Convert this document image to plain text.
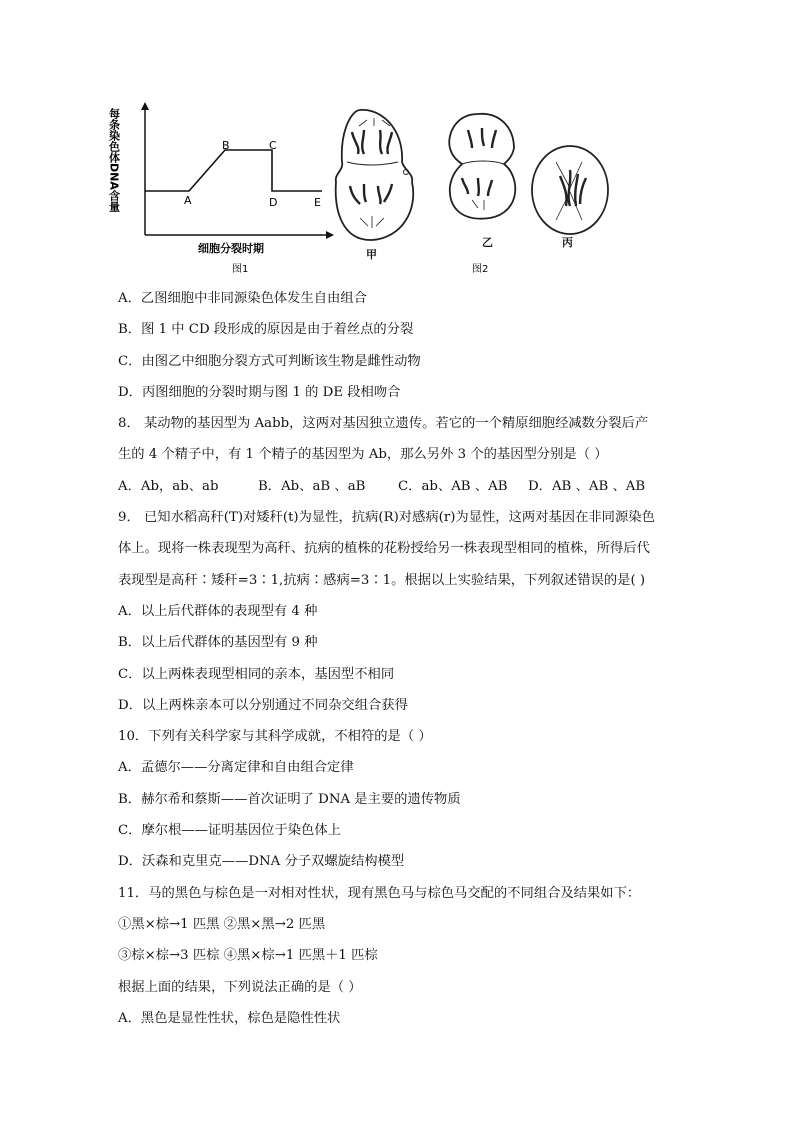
每条染色体DNA含量	A
B	C
D	E
细胞分裂时期
图1
甲
乙	丙
图2
A．乙图细胞中非同源染色体发生自由组合
B．图 1 中 CD 段形成的原因是由于着丝点的分裂
C．由图乙中细胞分裂方式可判断该生物是雌性动物
D．丙图细胞的分裂时期与图 1 的 DE 段相吻合
8． 某动物的基因型为 Aabb，这两对基因独立遗传。若它的一个精原细胞经减数分裂后产
生的 4 个精子中，有 1 个精子的基因型为 Ab，那么另外 3 个的基因型分别是（ ）
A．Ab，ab、ab	B．Ab、aB 、aB	C．ab、AB 、AB	D．AB 、AB 、AB
9． 已知水稻高秆(T)对矮秆(t)为显性，抗病(R)对感病(r)为显性，这两对基因在非同源染色
体上。现将一株表现型为高秆、抗病的植株的花粉授给另一株表现型相同的植株，所得后代
表现型是高秆∶矮秆=3∶1,抗病∶感病=3∶1。根据以上实验结果，下列叙述错误的是( )
A．以上后代群体的表现型有 4 种
B．以上后代群体的基因型有 9 种
C．以上两株表现型相同的亲本，基因型不相同
D．以上两株亲本可以分别通过不同杂交组合获得
10．下列有关科学家与其科学成就，不相符的是（ ）
A．孟德尔——分离定律和自由组合定律
B．赫尔希和蔡斯——首次证明了 DNA 是主要的遗传物质
C．摩尔根——证明基因位于染色体上
D．沃森和克里克——DNA 分子双螺旋结构模型
11．马的黑色与棕色是一对相对性状，现有黑色马与棕色马交配的不同组合及结果如下：
①黑×棕→1 匹黑 ②黑×黑→2 匹黑
③棕×棕→3 匹棕 ④黑×棕→1 匹黑＋1 匹棕
根据上面的结果，下列说法正确的是（ ）
A．黑色是显性性状，棕色是隐性性状
